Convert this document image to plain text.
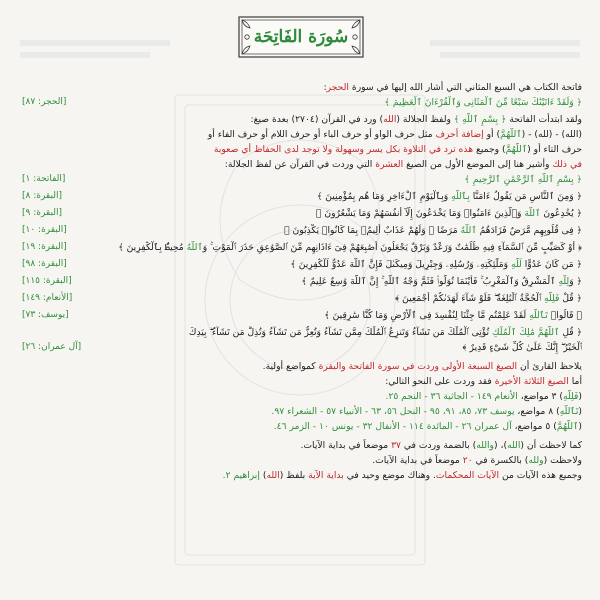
سُورَة الفَاتِحَة
فاتحة الكتاب هي السبع المثاني التي أشار الله إليها في سورة الحجر:
﴿ وَلَقَدْ ءَاتَيْنَٰكَ سَبْعًا مِّنَ ٱلْمَثَانِى وَٱلْقُرْءَانَ ٱلْعَظِيمَ ﴾
[الحجر: ٨٧]
ولقد ابتدأت الفاتحة ﴿ بِسْمِ ٱللَّهِ ﴾ ولفظ الجلالة (الله) ورد في القرآن (٢٧٠٤) بعدة صيغ:
(الله) - (لله) - (ٱللَّهُمَّ) أو إضافة أحرف مثل حرف الواو أو حرف الباء أو حرف اللام أو حرف الفاء أو
حرف التاء أو (ٱللَّهُمَّ) وجميع هذه ترد في التلاوة بكل يسر وسهولة ولا توجد لدى الحفاظ أي صعوبة
في ذلك وأشير هنا إلى الموضع الأول من الصيغ العشرة التي وردت في القرآن عن لفظ الجلالة:
﴿ بِسْمِ ٱللَّهِ ٱلرَّحْمَٰنِ ٱلرَّحِيمِ ﴾
[الفاتحة: ١]
﴿ وَمِنَ ٱلنَّاسِ مَن يَقُولُ ءَامَنَّا بِٱللَّهِ وَبِٱلْيَوْمِ ٱلْءَاخِرِ وَمَا هُم بِمُؤْمِنِينَ ﴾
[البقرة: ٨]
﴿ يُخَٰدِعُونَ ٱللَّهَ وَٱلَّذِينَ ءَامَنُوا۟ وَمَا يَخْدَعُونَ إِلَّآ أَنفُسَهُمْ وَمَا يَشْعُرُونَ ﴾
[البقرة: ٩]
﴿ فِى قُلُوبِهِم مَّرَضٌ فَزَادَهُمُ ٱللَّهُ مَرَضًا ۖ وَلَهُمْ عَذَابٌ أَلِيمٌۢ بِمَا كَانُوا۟ يَكْذِبُونَ ﴾
[البقرة: ١٠]
﴿ أَوْ كَصَيِّبٍ مِّنَ ٱلسَّمَآءِ فِيهِ ظُلُمَٰتٌ وَرَعْدٌ وَبَرْقٌ يَجْعَلُونَ أَصَٰبِعَهُمْ فِىٓ ءَاذَانِهِم مِّنَ ٱلصَّوَٰعِقِ حَذَرَ ٱلْمَوْتِ ۚ وَٱللَّهُ مُحِيطٌۢ بِٱلْكَٰفِرِينَ ﴾
[البقرة: ١٩]
﴿ مَن كَانَ عَدُوًّا لِّلَّهِ وَمَلَٰٓئِكَتِهِۦ وَرُسُلِهِۦ وَجِبْرِيلَ وَمِيكَىٰلَ فَإِنَّ ٱللَّهَ عَدُوٌّ لِّلْكَٰفِرِينَ ﴾
[البقرة: ٩٨]
﴿ وَلِلَّهِ ٱلْمَشْرِقُ وَٱلْمَغْرِبُ ۚ فَأَيْنَمَا تُوَلُّوا۟ فَثَمَّ وَجْهُ ٱللَّهِ ۚ إِنَّ ٱللَّهَ وَٰسِعٌ عَلِيمٌ ﴾
[البقرة: ١١٥]
﴿ قُلْ فَلِلَّهِ ٱلْحُجَّةُ ٱلْبَٰلِغَةُ ۖ فَلَوْ شَآءَ لَهَدَىٰكُمْ أَجْمَعِينَ ﴾
[الأنعام: ١٤٩]
﴿ قَالُوا۟ تَٱللَّهِ لَقَدْ عَلِمْتُم مَّا جِئْنَا لِنُفْسِدَ فِى ٱلْأَرْضِ وَمَا كُنَّا سَٰرِقِينَ ﴾
[يوسف: ٧٣]
﴿ قُلِ ٱللَّهُمَّ مَٰلِكَ ٱلْمُلْكِ تُؤْتِى ٱلْمُلْكَ مَن تَشَآءُ وَتَنزِعُ ٱلْمُلْكَ مِمَّن تَشَآءُ وَتُعِزُّ مَن تَشَآءُ وَتُذِلُّ مَن تَشَآءُ ۖ بِيَدِكَ
ٱلْخَيْرُ ۖ إِنَّكَ عَلَىٰ كُلِّ شَىْءٍ قَدِيرٌ ﴾
[آل عمران: ٢٦]
يلاحظ القارئ أن الصيغ السبعة الأولى وردت في سورة الفاتحة والبقرة كمواضع أولية.
أما الصيغ الثلاثة الأخيرة فقد وردت على النحو التالي:
(فَلِلَّهِ) ٣ مواضع، الأنعام ١٤٩ - الجاثية ٣٦ - النجم ٢٥.
(تَٱللَّهِ) ٨ مواضع، يوسف ٧٣، ٨٥، ٩١، ٩٥ - النحل ٥٦، ٦٣ - الأنبياء ٥٧ - الشعراء ٩٧.
(ٱللَّهُمَّ) ٥ مواضع، آل عمران ٢٦ - المائدة ١١٤ - الأنفال ٣٢ - يونس ١٠ - الزمر ٤٦.
كما لاحظت أن (الله)، (والله) بالضمة وردت في ٣٧ موضعاً في بداية الآيات.
ولاحظت (ولله) بالكسرة في ٢٠ موضعاً في بداية الآيات.
وجميع هذه الآيات من الآيات المحكمات. وهناك موضع وحيد في بداية الآية بلفظ (الله) إبراهيم ٢.
